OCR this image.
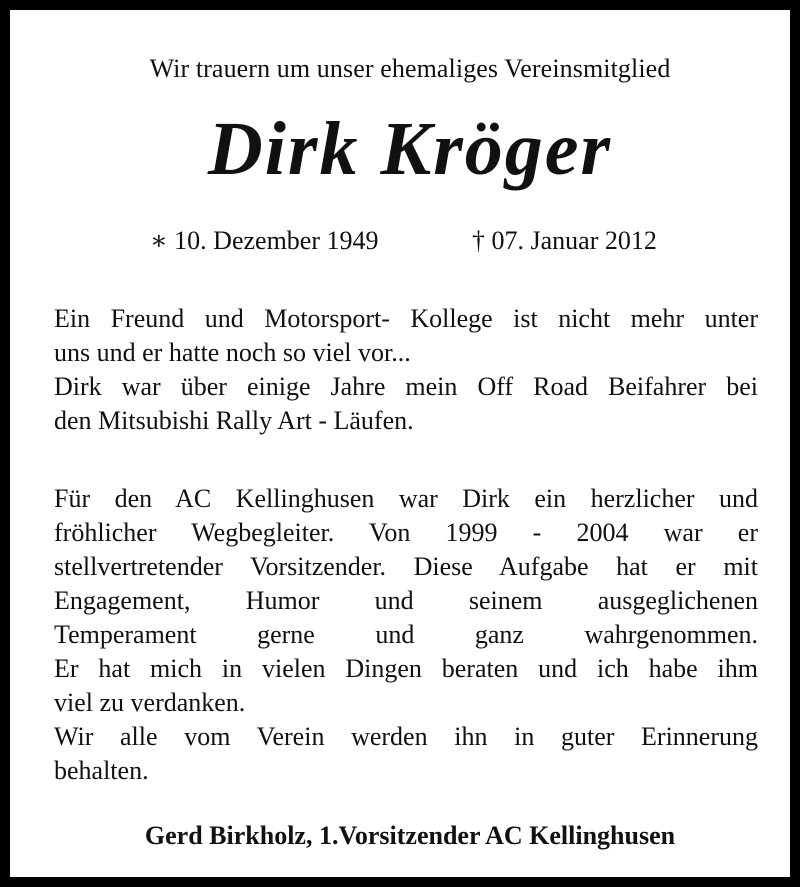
Wir trauern um unser ehemaliges Vereinsmitglied
Dirk Kröger
∗ 10. Dezember 1949	† 07. Januar 2012
Ein Freund und Motorsport- Kollege ist nicht mehr unter
uns und er hatte noch so viel vor...
Dirk war über einige Jahre mein Off Road Beifahrer bei
den Mitsubishi Rally Art - Läufen.
Für den AC Kellinghusen war Dirk ein herzlicher und
fröhlicher Wegbegleiter. Von 1999 - 2004 war er
stellvertretender Vorsitzender. Diese Aufgabe hat er mit
Engagement, Humor und seinem ausgeglichenen
Temperament gerne und ganz wahrgenommen.
Er hat mich in vielen Dingen beraten und ich habe ihm
viel zu verdanken.
Wir alle vom Verein werden ihn in guter Erinnerung
behalten.
Gerd Birkholz, 1.Vorsitzender AC Kellinghusen
